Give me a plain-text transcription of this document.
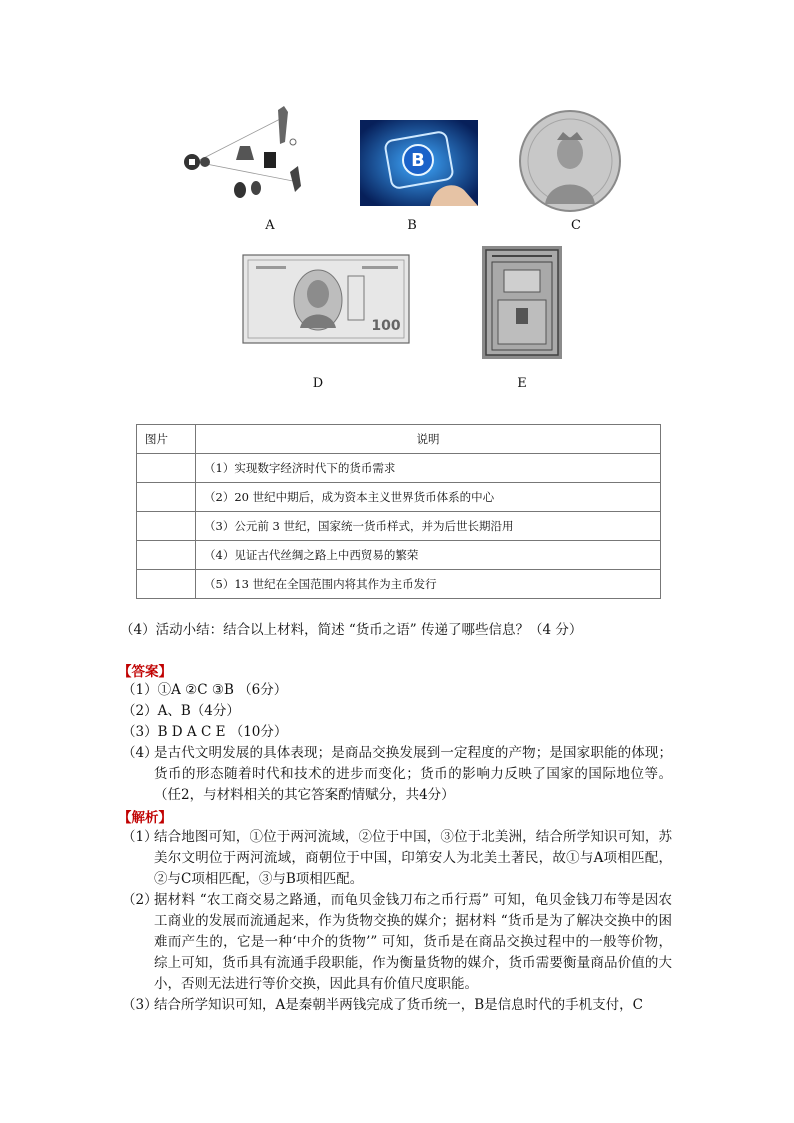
A
B
B	C
100
D	E
图片	说明
	（1）实现数字经济时代下的货币需求
	（2）20 世纪中期后，成为资本主义世界货币体系的中心
	（3）公元前 3 世纪，国家统一货币样式，并为后世长期沿用
	（4）见证古代丝绸之路上中西贸易的繁荣
	（5）13 世纪在全国范围内将其作为主币发行
（4）活动小结：结合以上材料，简述 “货币之语” 传递了哪些信息？（4 分）
【答案】
（1）①A ②C ③B （6分）
（2）A、B（4分）
（3）B D A C E （10分）
（4）
是古代文明发展的具体表现；是商品交换发展到一定程度的产物；是国家职能的体现；货币的形态随着时代和技术的进步而变化；货币的影响力反映了国家的国际地位等。（任2，与材料相关的其它答案酌情赋分，共4分）
【解析】
（1）
结合地图可知，①位于两河流域，②位于中国，③位于北美洲，结合所学知识可知，苏美尔文明位于两河流域，商朝位于中国，印第安人为北美土著民，故①与A项相匹配，②与C项相匹配，③与B项相匹配。
（2）
据材料 “农工商交易之路通，而龟贝金钱刀布之币行焉” 可知，龟贝金钱刀布等是因农工商业的发展而流通起来，作为货物交换的媒介；据材料 “货币是为了解决交换中的困难而产生的，它是一种‘中介的货物’” 可知，货币是在商品交换过程中的一般等价物，综上可知，货币具有流通手段职能，作为衡量货物的媒介，货币需要衡量商品价值的大小，否则无法进行等价交换，因此具有价值尺度职能。
（3）
结合所学知识可知，A是秦朝半两钱完成了货币统一，B是信息时代的手机支付，C
